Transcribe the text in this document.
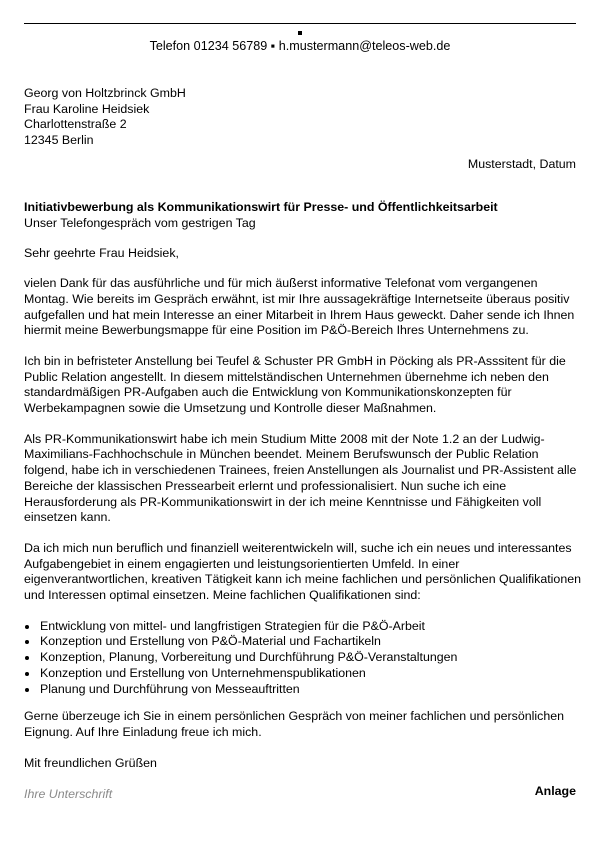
Telefon 01234 56789 ▪ h.mustermann@teleos-web.de
Georg von Holtzbrinck GmbH
Frau Karoline Heidsiek
Charlottenstraße 2
12345 Berlin
Musterstadt, Datum
Initiativbewerbung als Kommunikationswirt für Presse- und Öffentlichkeitsarbeit
Unser Telefongespräch vom gestrigen Tag
Sehr geehrte Frau Heidsiek,

vielen Dank für das ausführliche und für mich äußerst informative Telefonat vom vergangenen Montag. Wie bereits im Gespräch erwähnt, ist mir Ihre aussagekräftige Internetseite überaus positiv aufgefallen und hat mein Interesse an einer Mitarbeit in Ihrem Haus geweckt. Daher sende ich Ihnen hiermit meine Bewerbungsmappe für eine Position im P&Ö-Bereich Ihres Unternehmens zu.

Ich bin in befristeter Anstellung bei Teufel & Schuster PR GmbH in Pöcking als PR-Asssitent für die Public Relation angestellt. In diesem mittelständischen Unternehmen übernehme ich neben den standardmäßigen PR-Aufgaben auch die Entwicklung von Kommunikationskonzepten für Werbekampagnen sowie die Umsetzung und Kontrolle dieser Maßnahmen.

Als PR-Kommunikationswirt habe ich mein Studium Mitte 2008 mit der Note 1.2 an der Ludwig-Maximilians-Fachhochschule in München beendet. Meinem Berufswunsch der Public Relation folgend, habe ich in verschiedenen Trainees, freien Anstellungen als Journalist und PR-Assistent alle Bereiche der klassischen Pressearbeit erlernt und professionalisiert. Nun suche ich eine Herausforderung als PR-Kommunikationswirt in der ich meine Kenntnisse und Fähigkeiten voll einsetzen kann.

Da ich mich nun beruflich und finanziell weiterentwickeln will, suche ich ein neues und interessantes Aufgabengebiet in einem engagierten und leistungsorientierten Umfeld. In einer eigenverantwortlichen, kreativen Tätigkeit kann ich meine fachlichen und persönlichen Qualifikationen und Interessen optimal einsetzen. Meine fachlichen Qualifikationen sind:

Entwicklung von mittel- und langfristigen Strategien für die P&Ö-Arbeit
Konzeption und Erstellung von P&Ö-Material und Fachartikeln
Konzeption, Planung, Vorbereitung und Durchführung P&Ö-Veranstaltungen
Konzeption und Erstellung von Unternehmenspublikationen
Planung und Durchführung von Messeauftritten

Gerne überzeuge ich Sie in einem persönlichen Gespräch von meiner fachlichen und persönlichen Eignung. Auf Ihre Einladung freue ich mich.

Mit freundlichen Grüßen
Ihre Unterschrift	Anlage
